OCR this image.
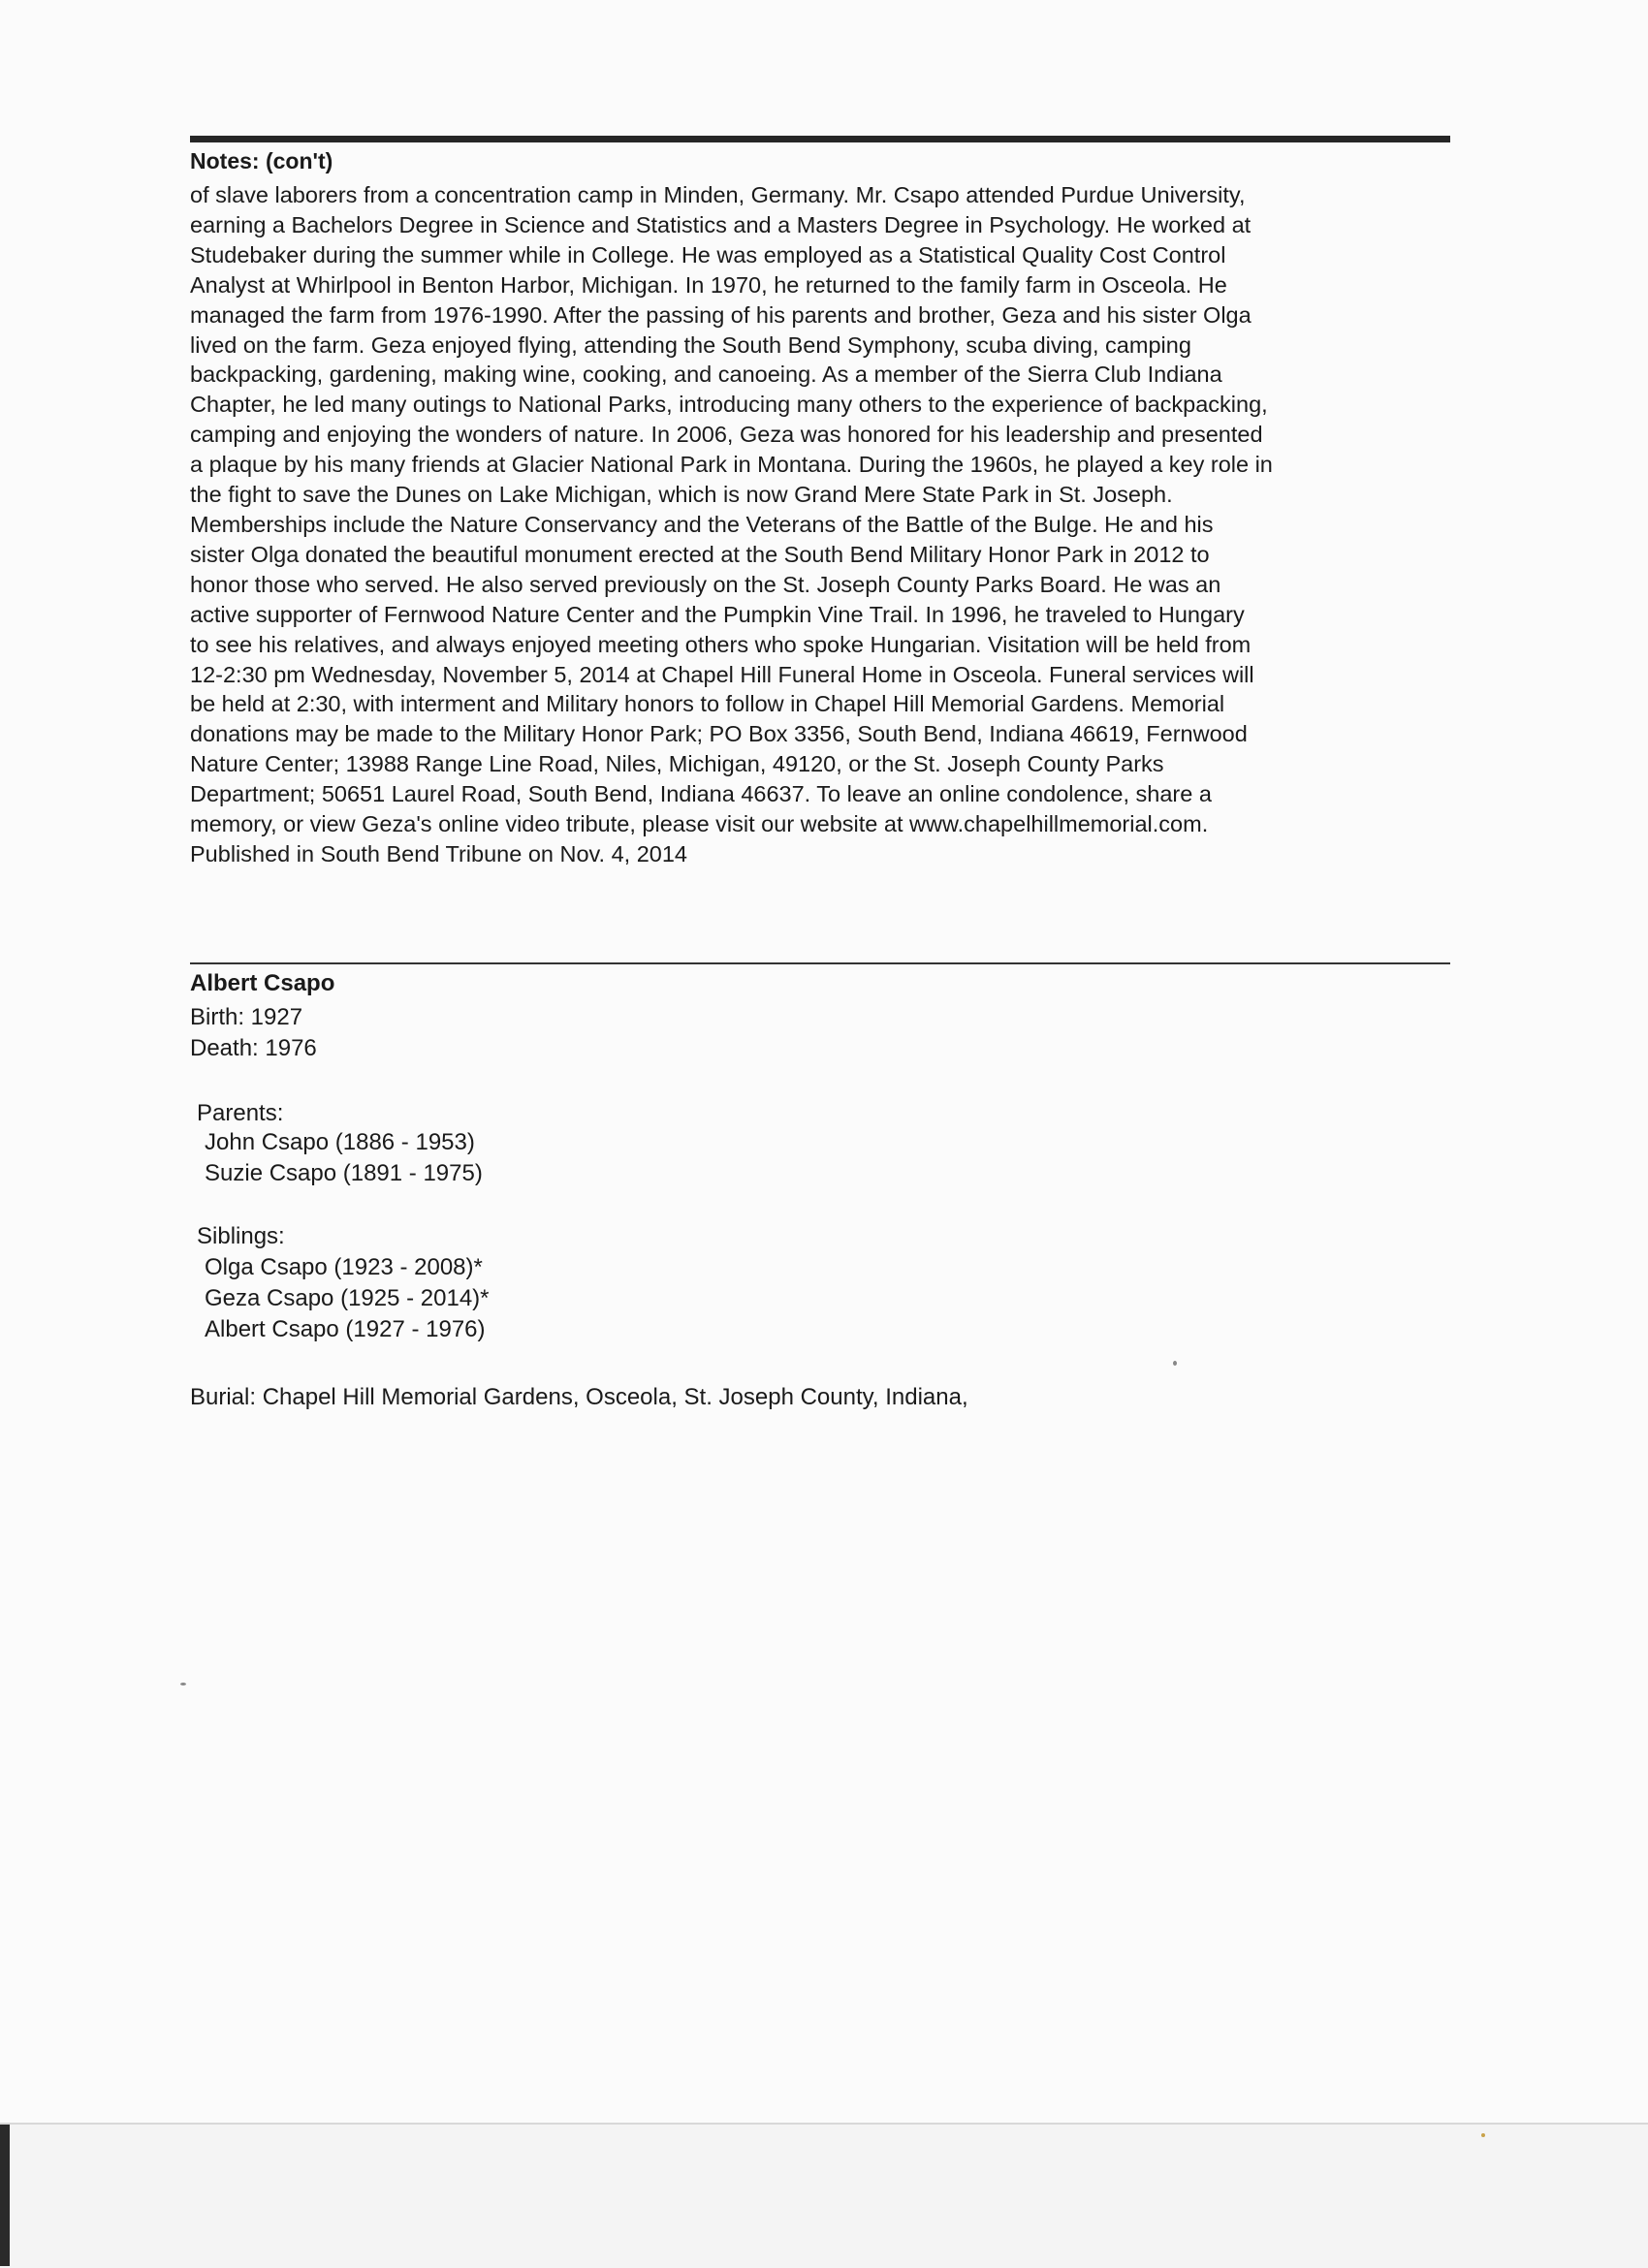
Notes: (con't)
of slave laborers from a concentration camp in Minden, Germany. Mr. Csapo attended Purdue University,
earning a Bachelors Degree in Science and Statistics and a Masters Degree in Psychology. He worked at
Studebaker during the summer while in College. He was employed as a Statistical Quality Cost Control
Analyst at Whirlpool in Benton Harbor, Michigan. In 1970, he returned to the family farm in Osceola. He
managed the farm from 1976-1990. After the passing of his parents and brother, Geza and his sister Olga
lived on the farm. Geza enjoyed flying, attending the South Bend Symphony, scuba diving, camping
backpacking, gardening, making wine, cooking, and canoeing. As a member of the Sierra Club Indiana
Chapter, he led many outings to National Parks, introducing many others to the experience of backpacking,
camping and enjoying the wonders of nature. In 2006, Geza was honored for his leadership and presented
a plaque by his many friends at Glacier National Park in Montana. During the 1960s, he played a key role in
the fight to save the Dunes on Lake Michigan, which is now Grand Mere State Park in St. Joseph.
Memberships include the Nature Conservancy and the Veterans of the Battle of the Bulge. He and his
sister Olga donated the beautiful monument erected at the South Bend Military Honor Park in 2012 to
honor those who served. He also served previously on the St. Joseph County Parks Board. He was an
active supporter of Fernwood Nature Center and the Pumpkin Vine Trail. In 1996, he traveled to Hungary
to see his relatives, and always enjoyed meeting others who spoke Hungarian. Visitation will be held from
12-2:30 pm Wednesday, November 5, 2014 at Chapel Hill Funeral Home in Osceola. Funeral services will
be held at 2:30, with interment and Military honors to follow in Chapel Hill Memorial Gardens. Memorial
donations may be made to the Military Honor Park; PO Box 3356, South Bend, Indiana 46619, Fernwood
Nature Center; 13988 Range Line Road, Niles, Michigan, 49120, or the St. Joseph County Parks
Department; 50651 Laurel Road, South Bend, Indiana 46637. To leave an online condolence, share a
memory, or view Geza's online video tribute, please visit our website at www.chapelhillmemorial.com.
Published in South Bend Tribune on Nov. 4, 2014
Albert Csapo
Birth: 1927
Death: 1976
Parents:
John Csapo (1886 - 1953)
Suzie Csapo (1891 - 1975)
Siblings:
Olga Csapo (1923 - 2008)*
Geza Csapo (1925 - 2014)*
Albert Csapo (1927 - 1976)
Burial: Chapel Hill Memorial Gardens, Osceola, St. Joseph County, Indiana,
